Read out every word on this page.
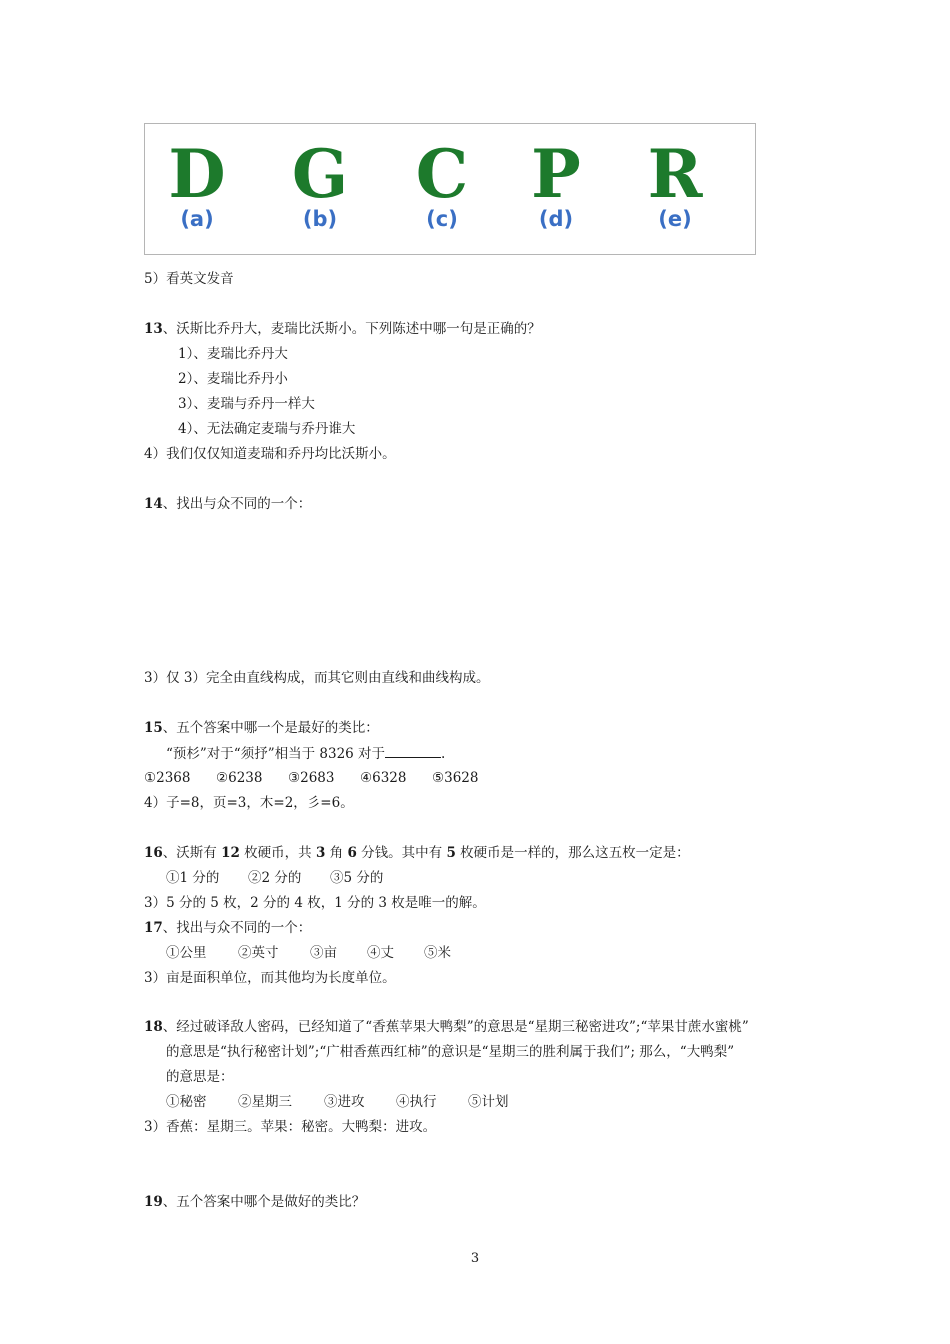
D
(a)
G
(b)
C
(c)
P
(d)
R
(e)
5）看英文发音
13、沃斯比乔丹大，麦瑞比沃斯小。下列陈述中哪一句是正确的？
1）、麦瑞比乔丹大
2）、麦瑞比乔丹小
3）、麦瑞与乔丹一样大
4）、无法确定麦瑞与乔丹谁大
4）我们仅仅知道麦瑞和乔丹均比沃斯小。
14、找出与众不同的一个：
3）仅 3）完全由直线构成，而其它则由直线和曲线构成。
15、五个答案中哪一个是最好的类比：
“预杉”对于“须抒”相当于 8326 对于	.
①2368 ②6238 ③2683 ④6328 ⑤3628
4）子=8，页=3，木=2，彡=6。
16、沃斯有 12 枚硬币，共 3 角 6 分钱。其中有 5 枚硬币是一样的，那么这五枚一定是：
①1 分的 ②2 分的 ③5 分的
3）5 分的 5 枚，2 分的 4 枚，1 分的 3 枚是唯一的解。
17、找出与众不同的一个：
①公里 ②英寸 ③亩 ④丈 ⑤米
3）亩是面积单位，而其他均为长度单位。
18、经过破译敌人密码，已经知道了“香蕉苹果大鸭梨”的意思是“星期三秘密进攻”;“苹果甘蔗水蜜桃”
的意思是“执行秘密计划”;“广柑香蕉西红柿”的意识是“星期三的胜利属于我们”; 那么，“大鸭梨”
的意思是：
①秘密 ②星期三 ③进攻 ④执行 ⑤计划
3）香蕉：星期三。苹果：秘密。大鸭梨：进攻。
19、五个答案中哪个是做好的类比？
3
